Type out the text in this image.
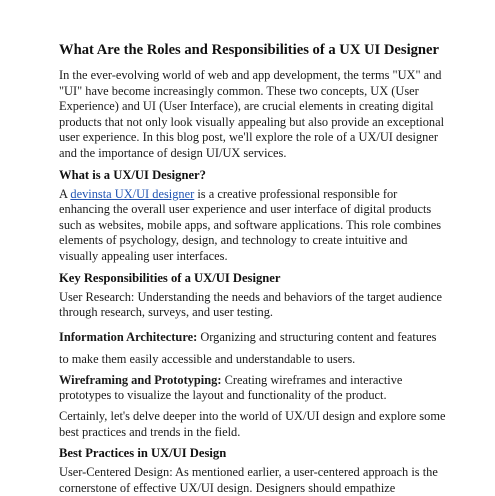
What Are the Roles and Responsibilities of a UX UI Designer

In the ever-evolving world of web and app development, the terms "UX" and "UI" have become increasingly common. These two concepts, UX (User Experience) and UI (User Interface), are crucial elements in creating digital products that not only look visually appealing but also provide an exceptional user experience. In this blog post, we'll explore the role of a UX/UI designer and the importance of design UI/UX services.

What is a UX/UI Designer?

A devinsta UX/UI designer is a creative professional responsible for enhancing the overall user experience and user interface of digital products such as websites, mobile apps, and software applications. This role combines elements of psychology, design, and technology to create intuitive and visually appealing user interfaces.

Key Responsibilities of a UX/UI Designer

User Research: Understanding the needs and behaviors of the target audience through research, surveys, and user testing.

Information Architecture: Organizing and structuring content and features to make them easily accessible and understandable to users.

Wireframing and Prototyping: Creating wireframes and interactive prototypes to visualize the layout and functionality of the product.

Certainly, let's delve deeper into the world of UX/UI design and explore some best practices and trends in the field.

Best Practices in UX/UI Design

User-Centered Design: As mentioned earlier, a user-centered approach is the cornerstone of effective UX/UI design. Designers should empathize
